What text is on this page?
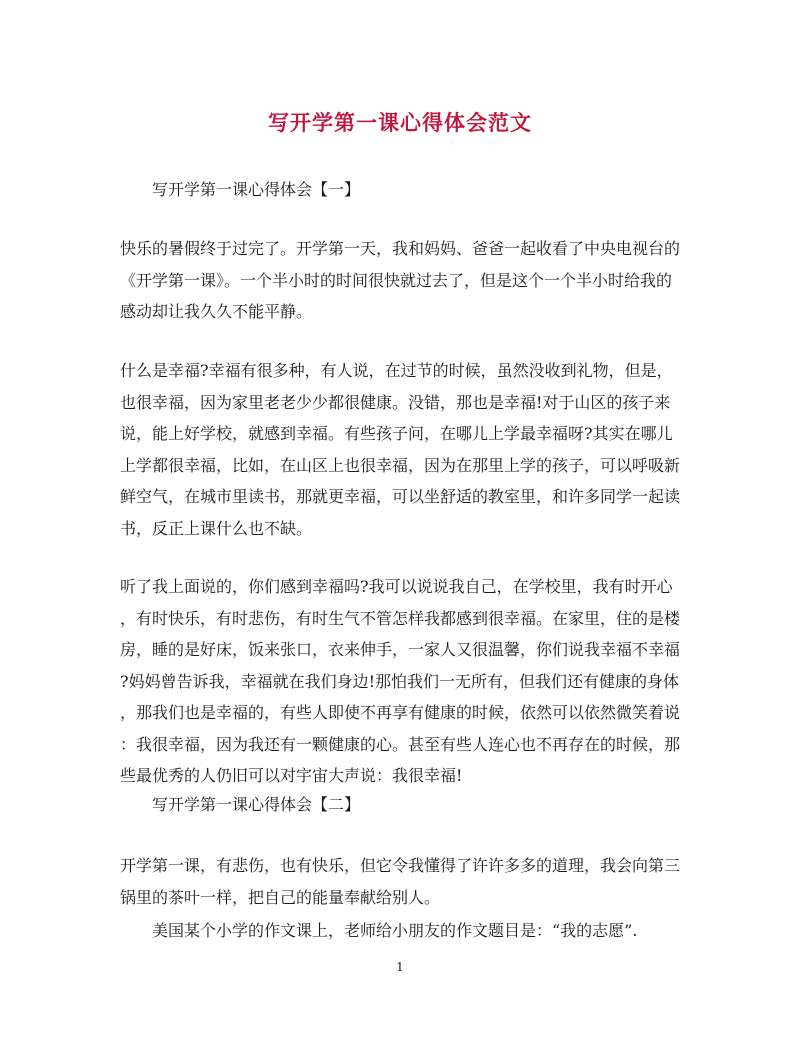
写开学第一课心得体会范文
写开学第一课心得体会【一】
快乐的暑假终于过完了。开学第一天，我和妈妈、爸爸一起收看了中央电视台的
《开学第一课》。一个半小时的时间很快就过去了，但是这个一个半小时给我的
感动却让我久久不能平静。
什么是幸福?幸福有很多种，有人说，在过节的时候，虽然没收到礼物，但是，
也很幸福，因为家里老老少少都很健康。没错，那也是幸福!对于山区的孩子来
说，能上好学校，就感到幸福。有些孩子问，在哪儿上学最幸福呀?其实在哪儿
上学都很幸福，比如，在山区上也很幸福，因为在那里上学的孩子，可以呼吸新
鲜空气，在城市里读书，那就更幸福，可以坐舒适的教室里，和许多同学一起读
书，反正上课什么也不缺。
听了我上面说的，你们感到幸福吗?我可以说说我自己，在学校里，我有时开心
，有时快乐，有时悲伤，有时生气不管怎样我都感到很幸福。在家里，住的是楼
房，睡的是好床，饭来张口，衣来伸手，一家人又很温馨，你们说我幸福不幸福
?妈妈曾告诉我，幸福就在我们身边!那怕我们一无所有，但我们还有健康的身体
，那我们也是幸福的，有些人即使不再享有健康的时候，依然可以依然微笑着说
：我很幸福，因为我还有一颗健康的心。甚至有些人连心也不再存在的时候，那
些最优秀的人仍旧可以对宇宙大声说：我很幸福!
写开学第一课心得体会【二】
开学第一课，有悲伤，也有快乐，但它令我懂得了许许多多的道理，我会向第三
锅里的茶叶一样，把自己的能量奉献给别人。
美国某个小学的作文课上，老师给小朋友的作文题目是：“我的志愿”.
1
